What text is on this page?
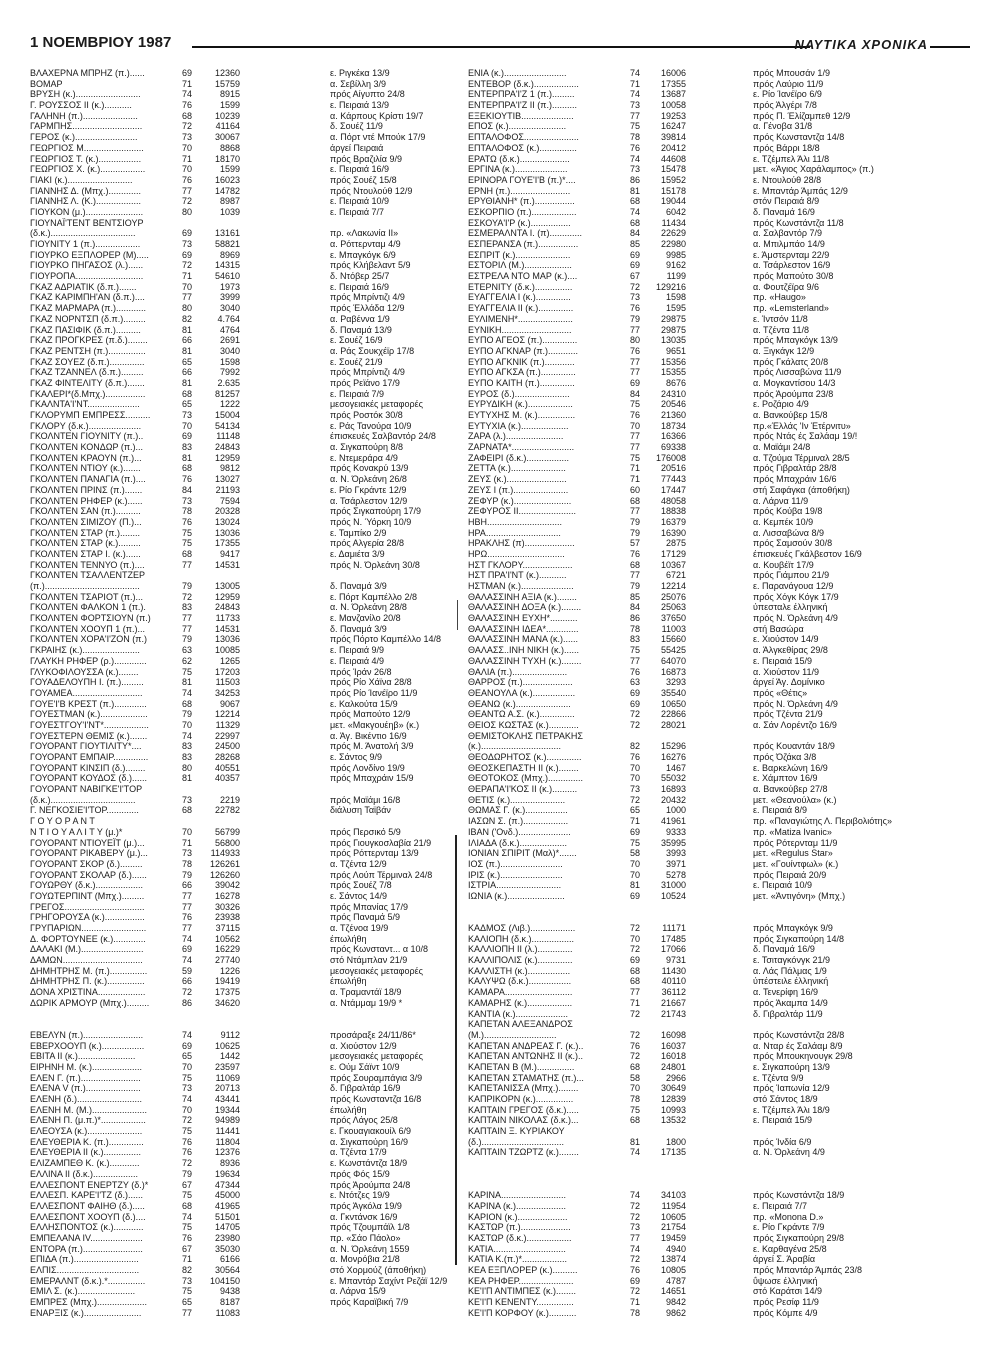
1 ΝΟΕΜΒΡΙΟΥ 1987	ΝΑΥΤΙΚΑ ΧΡΟΝΙΚΑ
ΒΛΑΧΕΡΝΑ ΜΠΡΗΖ (π.)......	69	12360	ε. Ριγκέκα 13/9
ΒΟΜΑΡ	71	15759	α. Σεβίλλη 3/9
ΒΡΥΣΗ (κ.)..........................	74	8915	πρός Αίγυπτο 24/8
Γ. ΡΟΥΣΣΟΣ ΙΙ (κ.)...........	76	1599	ε. Πειραιά 13/9
ΓΑΛΗΝΗ (π.)......................	68	10239	α. Κάρπους Κρίστι 19/7
ΓΑΡΜΠΗΣ............................	72	41164	δ. Σουέζ 11/9
ΓΕΡΟΣ (κ.).........................	73	30067	α. Πόρτ ντέ Μπούκ 17/9
ΓΕΩΡΓΙΟΣ Μ........................	70	8868	άργεί Πειραιά
ΓΕΩΡΓΙΟΣ Τ. (κ.).................	71	18170	πρός Βραζιλία 9/9
ΓΕΩΡΓΙΟΣ Χ. (κ.)..................	70	1599	ε. Πειραιά 16/9
ΓΙΑΚΙ (κ.)..........................	76	16023	πρός Σουέζ 15/8
ΓΙΑΝΝΗΣ Δ. (Μπχ.).............	77	14782	πρός Ντουλούθ 12/9
ΓΙΑΝΝΗΣ Λ. (Κ.)..................	72	8987	ε. Πειραιά 10/9
ΓΙΟΥΚΟΝ (μ.).......................	80	1039	ε. Πειραιά 7/7
ΓΙΟΥΝΑΪ'ΤΕΝΤ ΒΕΝΤΣΙΟΥΡ
(δ.κ.)..................................	69	13161	πρ. «Λακωνία ΙΙ»
ΓΙΟΥΝΙΤΥ 1 (π.)..................	73	58821	α. Ρόττερνταμ 4/9
ΓΙΟΥΡΚΟ ΕΞΠΛΟΡΕΡ (Μ).....	69	8969	ε. Μπαγκόγκ 6/9
ΓΙΟΥΡΚΟ ΠΗΓΑΣΟΣ (λ.)......	72	14315	πρός Κλήβελαντ 5/9
ΓΙΟΥΡΟΠΑ...........................	71	54610	δ. Ντόβερ 25/7
ΓΚΑΖ ΑΔΡΙΑΤΙΚ (δ.π.).......	70	1973	ε. Πειραιά 16/9
ΓΚΑΖ ΚΑΡΙΜΠΗ'ΑΝ (δ.π.)....	77	3999	πρός Μπρίντιζι 4/9
ΓΚΑΖ ΜΑΡΜΑΡΑ (π.)............	80	3040	πρός Έλλάδα 12/9
ΓΚΑΖ ΝΟΡΝΤΣΠ (δ.π.).........	82	4.764	α. Ραβέννα 1/9
ΓΚΑΖ ΠΑΣΙΦΙΚ (δ.π.)..........	81	4764	δ. Παναμά 13/9
ΓΚΑΖ ΠΡΟΓΚΡΕΣ (π.δ.)........	66	2691	ε. Σουέζ 16/9
ΓΚΑΖ ΡΕΝΤΣΗ (π.)...............	81	3040	α. Ράς Σουκχέϊρ 17/8
ΓΚΑΖ ΣΟΥΕΖ (δ.π.)..............	65	1598	ε. Σουέζ 21/9
ΓΚΑΖ ΤΖΑΝΝΕΛ (δ.π.).........	66	7992	πρός Μπρίντιζι 4/9
ΓΚΑΖ ΦΙΝΤΕΛΙΤΥ (δ.π.).......	81	2.635	πρός Ρεϊάνο 17/9
ΓΚΑΛΕΡΙ*(δ.Μπχ.)................	68	81257	ε. Πειραιά 7/9
ΓΚΑΛΝΤΑ'Ι'ΝΤ.....................	65	1222	μεσογειακές μεταφορές
ΓΚΛΟΡΥΜΠ ΕΜΠΡΕΣΣ..........	73	15004	πρός Ροστόκ 30/8
ΓΚΛΟΡΥ (δ.κ.).....................	70	54134	ε. Ράς Τανούρα 10/9
ΓΚΟΛΝΤΕΝ ΓΙΟΥΝΙΤΥ (π.)..	69	11148	έπισκευές Σαλβαντόρ 24/8
ΓΚΟΛΝΤΕΝ ΚΟΝΔΩΡ (π.)...	83	24843	α. Σιγκαπούρη 8/8
ΓΚΟΛΝΤΕΝ ΚΡΑΟΥΝ (π.)...	81	12959	ε. Ντεμεράρα 4/9
ΓΚΟΛΝΤΕΝ ΝΤΙΟΥ (κ.).......	68	9812	πρός Κονακρύ 13/9
ΓΚΟΛΝΤΕΝ ΠΑΝΑΓΙΑ (π.)....	76	13027	α. Ν. Όρλεάνη 26/8
ΓΚΟΛΝΤΕΝ ΠΡΙΝΣ (π.).......	84	21193	ε. Ρίο Γκράντε 12/9
ΓΚΟΛΝΤΕΝ ΡΗΦΕΡ (κ.)......	73	7594	α. Τσάρλεστον 12/9
ΓΚΟΛΝΤΕΝ ΣΑΝ (π.)..........	78	20328	πρός Σιγκαπούρη 17/9
ΓΚΟΛΝΤΕΝ ΣΙΜΙΖΟΥ (Π.)...	76	13024	πρός Ν. Ύόρκη 10/9
ΓΚΟΛΝΤΕΝ ΣΤΑΡ (π.)........	75	13036	ε. Ταμπίκο 2/9
ΓΚΟΛΝΤΕΝ ΣΤΑΡ (κ.).........	75	17355	πρός Αλγερία 28/8
ΓΚΟΛΝΤΕΝ ΣΤΑΡ Ι. (κ.)......	68	9417	ε. Δαμιέτα 3/9
ΓΚΟΛΝΤΕΝ ΤΕΝΝΥΟ (π.)....	77	14531	πρός Ν. Όρλεάνη 30/8
ΓΚΟΛΝΤΕΝ ΤΣΑΛΛΕΝΤΖΕΡ
(π.)......................................	79	13005	δ. Παναμά 3/9
ΓΚΟΛΝΤΕΝ ΤΣΑΡΙΟΤ (π.)...	72	12959	ε. Πόρτ Καμπέλλο 2/8
ΓΚΟΛΝΤΕΝ ΦΑΛΚΟΝ 1 (π.).	83	24843	α. Ν. Όρλεάνη 28/8
ΓΚΟΛΝΤΕΝ ΦΟΡΤΣΙΟΥΝ (π.)	77	11733	ε. Μανζανίλο 20/8
ΓΚΟΛΝΤΕΝ ΧΟΟΥΠ 1 (π.)...	77	14531	δ. Παναμά 3/9
ΓΚΟΛΝΤΕΝ ΧΟΡΑ'Ι'ΖΟΝ (π.)	79	13036	πρός Πόρτο Καμπέλλο 14/8
ΓΚΡΑΙΗΣ (κ.).......................	63	10085	ε. Πειραιά 9/9
ΓΛΑΥΚΗ ΡΗΦΕΡ (ρ.).............	62	1265	ε. Πειραιά 4/9
ΓΛΥΚΟΦΙΛΟΥΣΣΑ (κ.)........	75	17203	πρός Ίράν 26/8
ΓΟΥΑΔΕΛΟΥΠΗ Ι. (π.).........	81	11503	πρός Ρίο Χάϊνα 28/8
ΓΟΥΑΜΕΑ............................	74	34253	πρός Ρίο Ίανέϊρο 11/9
ΓΟΥΕ'Ι'Β ΚΡΕΣΤ (π.).............	68	9067	ε. Καλκούτα 15/9
ΓΟΥΕΣΤΜΑΝ (κ.)...................	79	12214	πρός Μαπούτο 12/9
ΓΟΥΕΣΤΓΟΥ'Ι'ΝΤ*..................	70	11329	μετ. «Μακγουέηβ» (κ.)
ΓΟΥΕΣΤΕΡΝ ΘΕΜΙΣ (κ.).......	74	22997	α. Άγ. Βικέντιο 16/9
ΓΟΥΟΡΑΝΤ ΓΙΟΥΤΙΛΙΤΥ*....	83	24500	πρός Μ. Άνατολή 3/9
ΓΟΥΟΡΑΝΤ ΕΜΠΑΙΡ..............	83	28268	ε. Σάντος 9/9
ΓΟΥΟΡΑΝΤ ΚΙΝΣΙΠ (δ.)........	80	40551	πρός Λονδίνο 19/9
ΓΟΥΟΡΑΝΤ ΚΟΥΔΟΣ (δ.)......	81	40357	πρός Μπαχράιν 15/9
ΓΟΥΟΡΑΝΤ ΝΑΒΙΓΚΕ'Ι'ΤΟΡ
(δ.κ.)..................................	73	2219	πρός Μαϊάμι 16/8
Γ. ΝΕΓΚΟΣΙΕ'Ι'ΤΟΡ.............	68	22782	διάλυση Ταϊβάν
Γ Ο Υ Ο Ρ Α Ν Τ
Ν Τ Ι Ο Υ Α Λ Ι Τ Υ (μ.)*	70	56799	πρός Περσικό 5/9
ΓΟΥΟΡΑΝΤ ΝΤΙΟΥΕΪΤ (μ.)...	71	56800	πρός Γιουγκοσλαβία 21/9
ΓΟΥΟΡΑΝΤ ΡΙΚΑΒΕΡΥ (μ.)...	73	114933	πρός Ρόττερνταμ 13/9
ΓΟΥΟΡΑΝΤ ΣΚΟΡ (δ.).........	78	126261	α. Τζέντα 12/9
ΓΟΥΟΡΑΝΤ ΣΚΟΛΑΡ (δ.)......	79	126260	πρός Λούπ Τέρμιναλ 24/8
ΓΟΥΩΡΘΥ (δ.κ.)...................	66	39042	πρός Σουέζ 7/8
ΓΟΥΩΤΕΡΠΙΝΤ (Μπχ.).........	77	16278	ε. Σάντος 14/9
ΓΡΕΓΟΣ................................	77	30326	πρός Μπανίας 17/9
ΓΡΗΓΟΡΟΥΣΑ (κ.)................	76	23938	πρός Παναμά 5/9
ΓΡΥΠΑΡΙΩΝ..........................	77	37115	α. Τζένοα 19/9
Δ. ΦΟΡΤΟΥΝΕΕ (κ.).............	74	10562	έπωλήθη
ΔΑΛΑΚΙ (Μ.).........................	69	16229	πρός Κωνσταντ... α 10/8
ΔΑΜΩΝ................................	74	27740	στό Ντάμπλαν 21/9
ΔΗΜΗΤΡΗΣ Μ. (π.)...............	59	1226	μεσογειακές μεταφορές
ΔΗΜΗΤΡΗΣ Π. (κ.)...............	66	19419	έπωλήθη
ΔΟΝΑ ΧΡΙΣΤΙΝΑ...................	72	17375	α. Τραμαντάϊ 18/9
ΔΩΡΙΚ ΑΡΜΟΥΡ (Μπχ.).........	86	34620	α. Ντάμμαμ 19/9 *
ΕΒΕΛΥΝ (π.)........................	74	9112	προσάραξε 24/11/86*
ΕΒΕΡΧΟΟΥΠ (κ.).................	69	10625	α. Χιούστον 12/9
ΕΒΙΤΑ ΙΙ (κ.).......................	65	1442	μεσογειακές μεταφορές
ΕΙΡΗΝΗ Μ. (κ.)....................	70	23597	ε. Ούμ Σάϊντ 10/9
ΕΛΕΝ Γ. (π.)........................	75	11069	πρός Σουραμπάγια 3/9
ΕΛΕΝΑ V (π.)......................	73	20713	δ. Γιβραλτάρ 16/9
ΕΛΕΝΗ (δ.)..........................	74	43441	πρός Κωνσταντζα 16/8
ΕΛΕΝΗ Μ. (Μ.)......................	70	19344	έπωλήθη
ΕΛΕΝΗ Π. (μ.π.)*..................	72	94989	πρός Λάγος 25/8
ΕΛΕΟΥΣΑ (κ.)......................	75	11441	ε. Γκουαγιακουίλ 6/9
ΕΛΕΥΘΕΡΙΑ Κ. (π.)..............	76	11804	α. Σιγκαπούρη 16/9
ΕΛΕΥΘΕΡΙΑ ΙΙ (κ.)...............	76	12376	α. Τζέντα 17/9
ΕΛΙΖΑΜΠΕΘ Κ. (κ.)............	72	8936	ε. Κωνστάντζα 18/9
ΕΛΛΙΝΑ ΙΙ (δ.κ.)..................	79	19634	πρός Φός 15/9
ΕΛΛΕΣΠΟΝΤ ΕΝΕΡΤΖΥ (δ.)*	67	47344	πρός Άρούμπα 24/8
ΕΛΛΕΣΠ. ΚΑΡΕ'Ι'ΤΖ (δ.)......	75	45000	ε. Ντότζες 19/9
ΕΛΛΕΣΠΟΝΤ ΦΑΙΗΘ (δ.).....	68	41965	πρός Άγκόλα 19/9
ΕΛΛΕΣΠΟΝΤ ΧΟΟΥΠ (δ.)....	74	51501	α. Γκντάνσκ 16/9
ΕΛΛΗΣΠΟΝΤΟΣ (κ.)............	75	14705	πρός Τζουμπάϊλ 1/8
ΕΜΠΕΛΑΝΑ IV.....................	76	23980	πρ. «Σάο Πάολο»
ΕΝΤΟΡΑ (π.)........................	67	35030	α. Ν. Όρλεάνη 1559
ΕΠΙΔΑ (π.)..........................	71	6166	α. Μονρόβια 21/8
ΕΛΠΙΣ.................................	82	30564	στό Χορμούζ (άποθήκη)
ΕΜΕΡΑΛΝΤ (δ.κ.).*...............	73	104150	ε. Μπαντάρ Σαχίντ Ρεζάϊ 12/9
ΕΜΙΛ Σ. (κ.).......................	75	9438	α. Λάρνα 15/9
ΕΜΠΡΕΣ (Μπχ.)....................	65	8187	πρός Καραϊβική 7/9
ΕΝΑΡΞΙΣ (κ.).......................	77	11083
ΕΝΙΑ (κ.).........................	74	16006	πρός Μπουσάν 1/9
ΕΝΤΕΒΟΡ (δ.κ.)..................	71	17355	πρός Λαύριο 11/9
ΕΝΤΕΡΠΡΑ'Ι'Ζ 1 (π.).........	74	13687	ε. Ρίο Ίανέϊρο 6/9
ΕΝΤΕΡΠΡΑ'Ι'Ζ ΙΙ (π.)..........	73	10058	πρός Άλγέρι 7/8
ΕΞΕΚΙΟΥΤΙΒ.....................	77	19253	πρός Π. Έλίζαμπεθ 12/9
ΕΠΟΣ (κ.).......................	75	16247	α. Γένοβα 31/8
ΕΠΤΑΛΟΦΟΣ......................	78	39814	πρός Κωνσταντζα 14/8
ΕΠΤΑΛΟΦΟΣ (κ.)...............	76	20412	πρός Βάρρι 18/8
ΕΡΑΤΩ (δ.κ.)....................	74	44608	ε. Τζέμπελ Άλι 11/8
ΕΡΓΙΝΑ (κ.).....................	73	15478	μετ. «Άγιος Χαράλαμπος» (π.)
ΕΡΙΝΟΡΑ ΓΟΥΕ'Ι'Β (π.)*....	86	15952	ε. Ντουλούθ 28/8
ΕΡΝΗ (π.)........................	81	15178	ε. Μπαντάρ Άμπάς 12/9
ΕΡΥΘΙΑΝΗ* (π.)................	68	19044	στόν Πειραιά 8/9
ΕΣΚΟΡΠΙΟ (π.)..................	74	6042	δ. Παναμά 16/9
ΕΣΚΟΥΑ'Ι'Ρ (κ.)................	68	11434	πρός Κωνστάντζα 11/8
ΕΣΜΕΡΑΛΝΤΑ Ι. (π).............	84	22629	α. Σαλβαντόρ 7/9
ΕΣΠΕΡΑΝΣΑ (π.)................	85	22980	α. Μπιλμπάο 14/9
ΕΣΠΡΙΤ (κ.)......................	69	9985	ε. Άμστερνταμ 22/9
ΕΣΤΟΡΙΛ (Μ.)...................	69	9162	α. Τσάρλεστον 16/9
ΕΣΤΡΕΛΑ ΝΤΟ ΜΑΡ (κ.)....	67	1199	πρός Μαπούτο 30/8
ΕΤΕΡΝΙΤΥ (δ.κ.)...............	72	129216	α. Φουτζέϊρα 9/6
ΕΥΑΓΓΕΛΙΑ Ι (κ.)..............	73	1598	πρ. «Haugo»
ΕΥΑΓΓΕΛΙΑ ΙΙ (κ.)..............	76	1595	πρ. «Lemsterland»
ΕΥΛΙΜΕΝΗ*......................	79	29875	ε. Ίντσόν 11/8
ΕΥΝΙΚΗ............................	77	29875	α. Τζέντα 11/8
ΕΥΠΟ ΑΓΕΟΣ (π.)..............	80	13035	πρός Μπαγκόγκ 13/9
ΕΥΠΟ ΑΓΚΝΑΡ (π.)............	76	9651	α. Ξιγκάγκ 12/9
ΕΥΠΟ ΑΓΚΝΙΚ (π.)............	77	15356	πρός Γκάλατς 20/8
ΕΥΠΟ ΑΓΚΣΑ (π.)..............	77	15355	πρός Λισσαβώνα 11/9
ΕΥΠΟ ΚΑΙΤΗ (π.)..............	69	8676	α. Μογκαντίσου 14/3
ΕΥΡΟΣ (δ.)......................	84	24310	πρός Άρούμπα 23/8
ΕΥΡΥΔΙΚΗ (κ.)..................	75	20546	ε. Ροζάριο 4/9
ΕΥΤΥΧΗΣ Μ. (κ.)...............	76	21360	α. Βανκούβερ 15/8
ΕΥΤΥΧΙΑ (κ.)...................	70	18734	πρ.«Έλλάς 'Ιν Έτέρνιτυ»
ΖΑΡΑ (λ.).......................	77	16366	πρός Ντάς ές Σαλάαμ 19/!
ΖΑΡΝΑΤΑ*.........................	77	69338	α. Μαϊάμι 24/8
ΖΑΦΕΙΡΙ (δ.κ.).................	75	176008	α. Τζούμα Τέρμιναλ 28/5
ΖΕΤΤΑ (κ.)......................	71	20516	πρός Γιβραλτάρ 28/8
ΖΕΥΣ (κ.)........................	71	77443	πρός Μπαχράιν 16/6
ΖΕΥΣ Ι (π.)......................	60	17447	στή Σαφάγκα (άποθήκη)
ΖΕΦΥΡ (κ.).......................	68	48058	α. Λάρνα 11/9
ΖΕΦΥΡΟΣ ΙΙ.......................	77	18838	πρός Κούβα 19/8
ΗΒΗ..............................	79	16379	α. Κεμπέκ 10/9
ΗΡΑ..............................	79	16390	α. Λισσαβώνα 8/9
ΗΡΑΚΛΗΣ (π)....................	57	2875	πρός Σαμσούν 30/8
ΗΡΩ...............................	76	17129	έπισκευές Γκάλβεστον 16/9
ΗΣΤ ΓΚΛΟΡΥ....................	68	10367	α. Κουβέϊτ 17/9
ΗΣΤ ΠΡΑ'Ι'ΝΤ (κ.)...........	77	6721	πρός Γιάμπου 21/9
ΗΣΤΜΑΝ (κ.).....................	79	12214	ε. Παρανάγουα 12/9
ΘΑΛΑΣΣΙΝΗ ΑΞΙΑ (κ.)........	85	25076	πρός Χόγκ Κόγκ 17/9
ΘΑΛΑΣΣΙΝΗ ΔΟΞΑ (κ.)........	84	25063	ύπεσταλε έλληνική
ΘΑΛΑΣΣΙΝΗ ΕΥΧΗ*...........	86	37650	πρός Ν. Όρλεάνη 4/9
ΘΑΛΑΣΣΙΝΗ ΙΔΕΑ*.............	78	11003	στή Βασώρα
ΘΑΛΑΣΣΙΝΗ ΜΑΝΑ (κ.)......	83	15660	ε. Χιούστον 14/9
ΘΑΛΑΣΣ..ΙΝΗ ΝΙΚΗ (κ.)......	75	55425	α. Άλγκεθίρας 29/8
ΘΑΛΑΣΣΙΝΗ ΤΥΧΗ (κ.)........	77	64070	ε. Πειραιά 15/9
ΘΑΛΙΑ (π.)......................	76	16873	α. Χιούστον 11/9
ΘΑΡΡΟΣ (π.)....................	63	3293	άργεί Άγ. Δομίνικο
ΘΕΑΝΟΥΛΑ (κ.).................	69	35540	πρός «Θέτις»
ΘΕΑΝΩ (κ.)......................	69	10650	πρός Ν. Όρλεάνη 4/9
ΘΕΑΝΤΩ Α.Σ. (κ.)..............	72	22866	πρός Τζέντα 21/9
ΘΕΙΟΣ ΚΩΣΤΑΣ (κ.)............	72	28021	α. Σάν Λορέντζο 16/9
ΘΕΜΙΣΤΟΚΛΗΣ ΠΕΤΡΑΚΗΣ
(κ.)................................	82	15296	πρός Κουαντάν 18/9
ΘΕΟΔΩΡΗΤΟΣ (κ.)..............	76	16276	πρός Όζάκα 3/8
ΘΕΟΣΚΕΠΑΣΤΗ ΙΙ (κ.)........	70	1467	ε. Βαρκελώνη 16/9
ΘΕΟΤΟΚΟΣ (Μπχ.)..............	70	55032	ε. Χάμπτον 16/9
ΘΕΡΑΠΑ'Ι'ΚΟΣ ΙΙ (κ.)..........	73	16893	α. Βανκούβερ 27/8
ΘΕΤΙΣ (κ.)......................	72	20432	μετ. «Θεανούλα» (κ.)
ΘΩΜΑΣ Γ. (κ.).................	65	1000	ε. Πειραιά 8/9
ΙΑΣΩΝ Σ. (π.)..................	71	41961	πρ. «Παναγιώτης Λ. Περιβολιότης»
ΙΒΑΝ ('Ονδ.).....................	69	9333	πρ. «Matiza Ivanic»
ΙΛΙΑΔΑ (δ.κ.)...................	75	35995	πρός Ρότερνταμ 11/9
ΙΟΝΙΑΝ ΣΠΙΡΙΤ (Μαλ)*.......	58	3993	μετ. «Regulus Star»
ΙΟΣ (π.).........................	70	3971	μετ. «Γουίντφωλ» (κ.)
ΙΡΙΣ (κ.).........................	70	5278	πρός Πειραιά 20/9
ΙΣΤΡΙΑ..........................	81	31000	ε. Πειραιά 10/9
ΙΩΝΙΑ (κ.).......................	69	10524	μετ. «Άντιγόνη» (Μπχ.)
ΚΑΔΜΟΣ (Λιβ.)..................	72	11171	πρός Μπαγκόγκ 9/9
ΚΑΛΙΟΠΗ (δ.κ.).................	70	17485	πρός Σιγκαπούρη 14/8
ΚΑΛΛΙΟΠΗ ΙΙ (λ.)..............	72	17066	δ. Παναμά 16/9
ΚΑΛΛΙΠΟΛΙΣ (κ.)..............	69	9731	ε. Τσιταγκόνγκ 21/9
ΚΑΛΛΙΣΤΗ (κ.).................	68	11430	α. Λάς Πάλμας 1/9
ΚΑΛΥΨΩ (δ.κ.).................	68	40110	ύπέστειλε έλληνική
ΚΑΜΑΡΑ...........................	77	36112	α. Τενερίφη 16/9
ΚΑΜΑΡΗΣ (κ.)..................	71	21667	πρός Άκαμπα 14/9
ΚΑΝΤΙΑ (κ.).....................	72	21743	δ. Γιβραλτάρ 11/9
ΚΑΠΕΤΑΝ ΑΛΕΞΑΝΔΡΟΣ
(Μ.).............................	72	16098	πρός Κωνστάντζα 28/8
ΚΑΠΕΤΑΝ ΑΝΔΡΕΑΣ Γ. (κ.)..	76	16037	α. Νταρ ές Σαλάαμ 8/9
ΚΑΠΕΤΑΝ ΑΝΤΩΝΗΣ ΙΙ (κ.)..	72	16018	πρός Μπουκηνουγκ 29/8
ΚΑΠΕΤΑΝ Β (Μ.)...............	68	24801	ε. Σιγκαπούρη 13/9
ΚΑΠΕΤΑΝ ΣΤΑΜΑΤΗΣ (π.)...	58	2966	ε. Τζέντα 9/9
ΚΑΠΕΤΑΝΙΣΣΑ (Μπχ.)........	70	30649	πρός Ίαπωνία 12/9
ΚΑΠΡΙΚΟΡΝ (κ.)...............	78	12839	στό Σάντος 18/9
ΚΑΠΤΑΙΝ ΓΡΕΓΟΣ (δ.κ.).....	75	10993	ε. Τζέμπελ Άλι 18/9
ΚΑΠΤΑΙΝ ΝΙΚΟΛΑΣ (δ.κ.)...	68	13532	ε. Πειραιά 15/9
ΚΑΠΤΑΙΝ Ξ. ΚΥΡΙΑΚΟΥ
(δ.).................................	81	1800	πρός Ίνδία 6/9
ΚΑΠΤΑΙΝ ΤΖΩΡΤΖ (κ.)........	74	17135	α. Ν. Όρλεάνη 4/9
ΚΑΡΙΝΑ..........................	74	34103	πρός Κωνστάντζα 18/9
ΚΑΡΙΝΑ (κ.)....................	72	11954	ε. Πειραιά 7/7
ΚΑΡΙΟΝ (κ.)....................	72	10605	πρ. «Monona D.»
ΚΑΣΤΩΡ (π.)....................	73	21754	ε. Ρίο Γκράντε 7/9
ΚΑΣΤΩΡ (δ.κ.)..................	77	19459	πρός Σιγκαπούρη 29/8
ΚΑΤΙΑ.............................	74	4940	ε. Καρθαγένα 25/8
ΚΑΤΙΑ Κ.(π.)*..................	72	13874	άργεί Σ. Άραβία
ΚΕΑ ΕΞΠΛΟΡΕΡ (κ.)..........	76	10805	πρός Μπαντάρ Άμπάς 23/8
ΚΕΑ ΡΗΦΕΡ......................	69	4787	ΰψωσε έλληνική
ΚΕ'Ι'Π ΑΝΤΙΜΠΕΣ (κ.)........	72	14651	στό Καράτσι 14/9
ΚΕ'Ι'Π ΚΕΝΕΝΤΥ...............	71	9842	πρός Ρεσίφ 11/9
ΚΕ'Ι'Π ΚΟΡΦΟΥ (κ.)...........	78	9862	πρός Κόμπε 4/9
